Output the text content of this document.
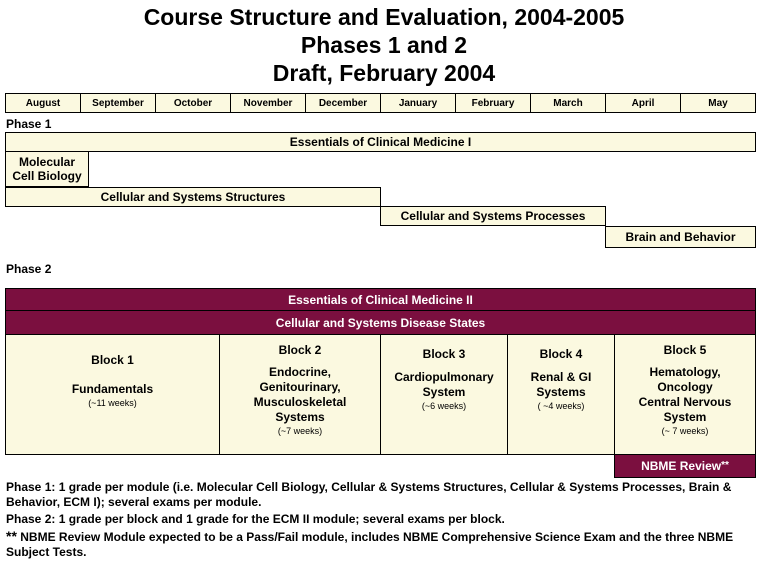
Course Structure and Evaluation, 2004-2005
Phases 1 and 2
Draft, February 2004
August	September	October	November	December	January	February	March	April	May
Phase 1
Essentials of Clinical Medicine I
Molecular
Cell Biology
Cellular and Systems Structures
Cellular and Systems Processes
Brain and Behavior
Phase 2
Essentials of Clinical Medicine II
Cellular and Systems Disease States
Block 1
Fundamentals
(~11 weeks)
Block 2
Endocrine,
Genitourinary,
Musculoskeletal
Systems
(~7 weeks)
Block 3
Cardiopulmonary
System
(~6 weeks)
Block 4
Renal & GI
Systems
( ~4 weeks)
Block 5
Hematology,
Oncology
Central Nervous
System
(~ 7 weeks)
NBME Review **

Phase 1: 1 grade per module (i.e. Molecular Cell Biology, Cellular & Systems Structures, Cellular & Systems Processes, Brain & Behavior, ECM I); several exams per module.

Phase 2: 1 grade per block and 1 grade for the ECM II module; several exams per block.

** NBME Review Module expected to be a Pass/Fail module, includes NBME Comprehensive Science Exam and the three NBME Subject Tests.
